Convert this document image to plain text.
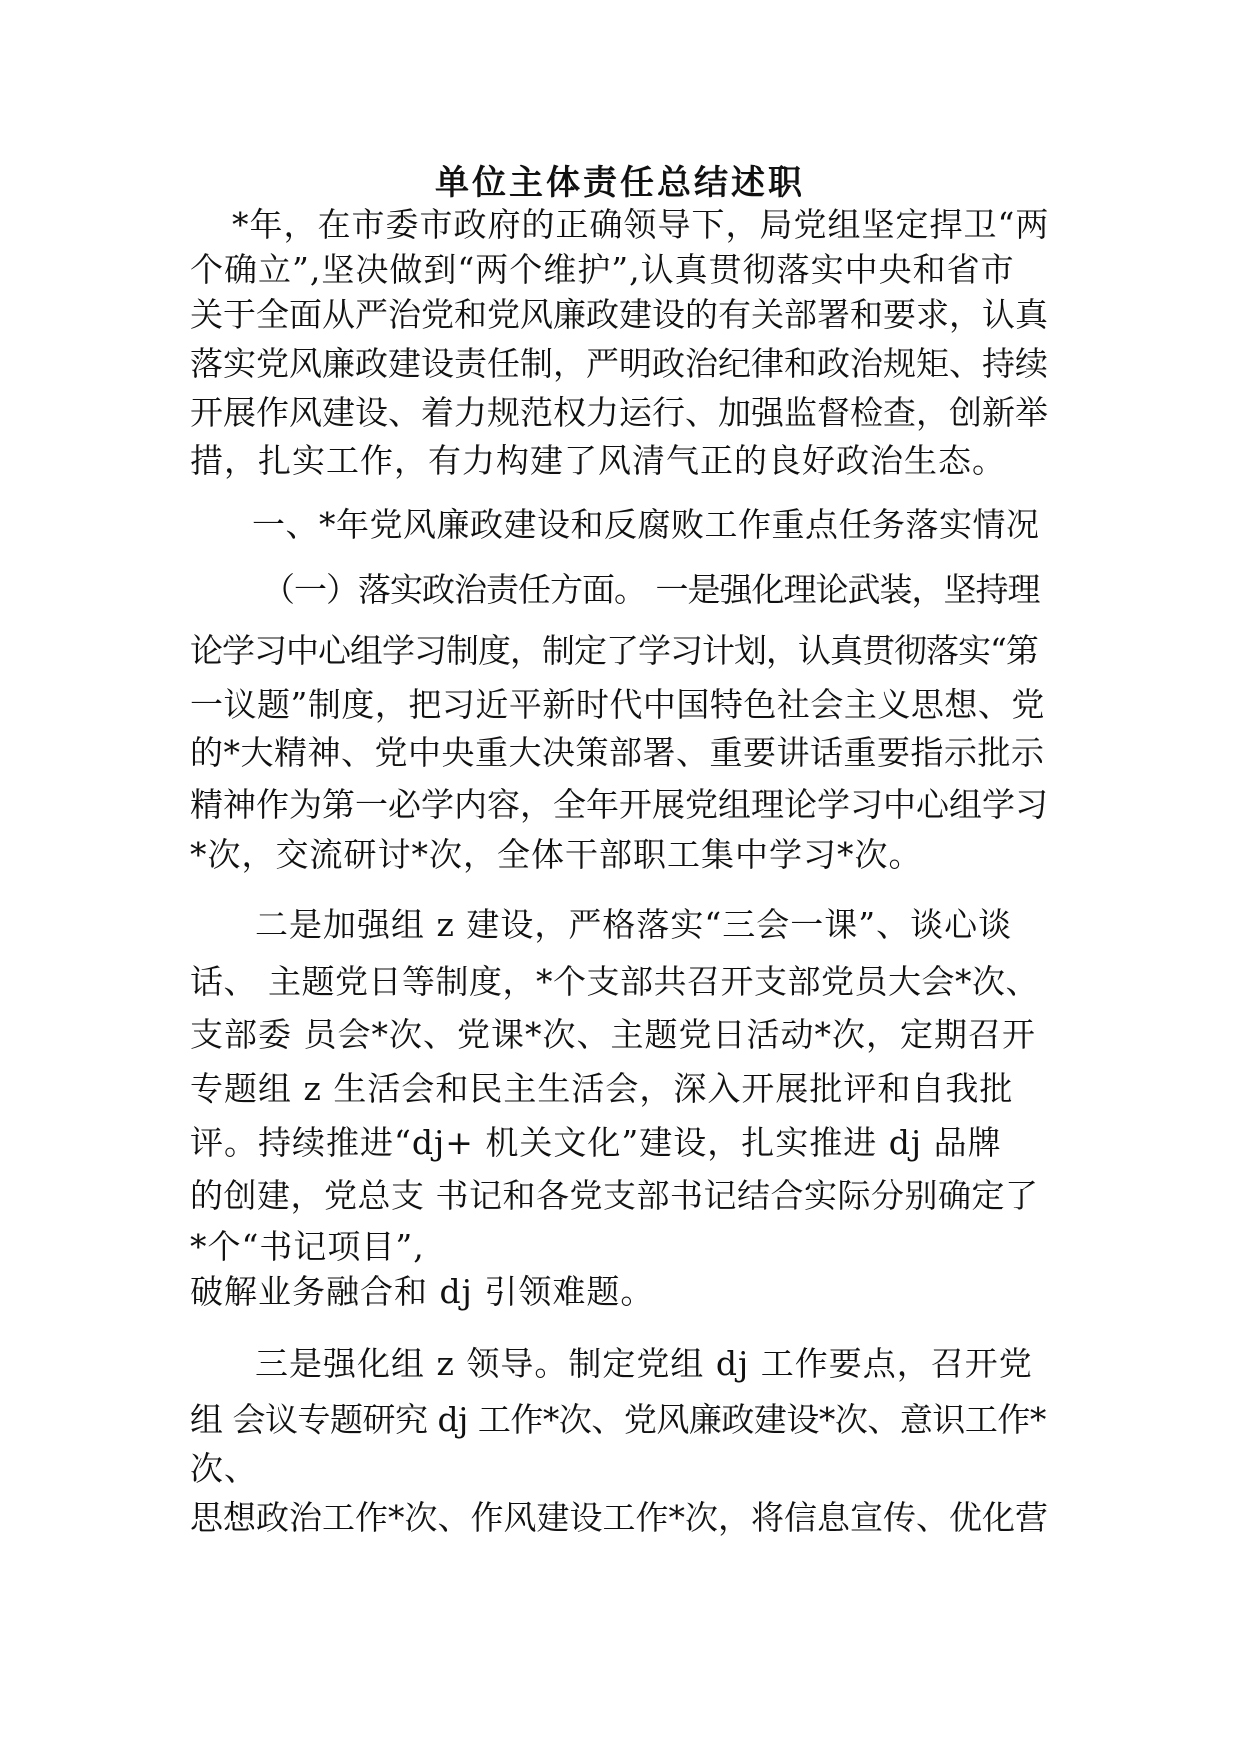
单位主体责任总结述职
*年，在市委市政府的正确领导下，局党组坚定捍卫“两
个确立”,坚决做到“两个维护”,认真贯彻落实中央和省市
关于全面从严治党和党风廉政建设的有关部署和要求，认真
落实党风廉政建设责任制，严明政治纪律和政治规矩、持续
开展作风建设、着力规范权力运行、加强监督检查，创新举
措，扎实工作，有力构建了风清气正的良好政治生态。
一、*年党风廉政建设和反腐败工作重点任务落实情况
（一）落实政治责任方面。 一是强化理论武装，坚持理
论学习中心组学习制度，制定了学习计划，认真贯彻落实“第
一议题”制度，把习近平新时代中国特色社会主义思想、党
的*大精神、党中央重大决策部署、重要讲话重要指示批示
精神作为第一必学内容，全年开展党组理论学习中心组学习
*次，交流研讨*次，全体干部职工集中学习*次。
二是加强组 z 建设，严格落实“三会一课”、谈心谈
话、 主题党日等制度，*个支部共召开支部党员大会*次、
支部委 员会*次、党课*次、主题党日活动*次，定期召开
专题组 z 生活会和民主生活会，深入开展批评和自我批
评。持续推进“dj+ 机关文化”建设，扎实推进 dj 品牌
的创建，党总支 书记和各党支部书记结合实际分别确定了
*个“书记项目”,
破解业务融合和 dj 引领难题。
三是强化组 z 领导。制定党组 dj 工作要点，召开党
组 会议专题研究 dj 工作*次、党风廉政建设*次、意识工作*
次、
思想政治工作*次、作风建设工作*次，将信息宣传、优化营
